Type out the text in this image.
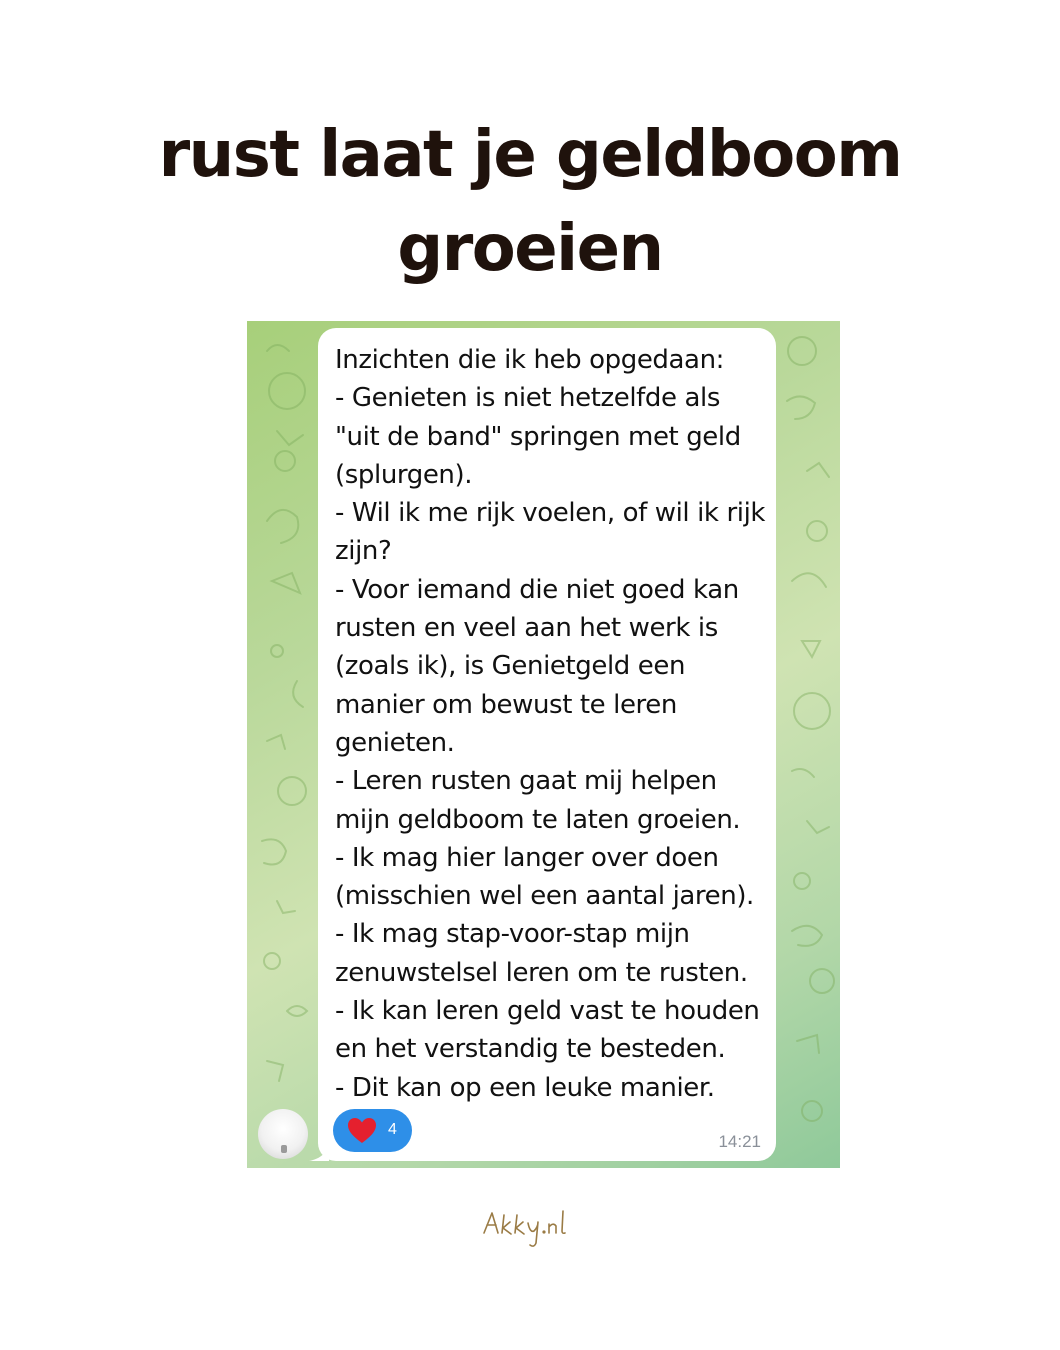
rust laat je geldboom
groeien
Inzichten die ik heb opgedaan:
- Genieten is niet hetzelfde als
"uit de band" springen met geld
(splurgen).
- Wil ik me rijk voelen, of wil ik rijk
zijn?
- Voor iemand die niet goed kan
rusten en veel aan het werk is
(zoals ik), is Genietgeld een
manier om bewust te leren
genieten.
- Leren rusten gaat mij helpen
mijn geldboom te laten groeien.
- Ik mag hier langer over doen
(misschien wel een aantal jaren).
- Ik mag stap-voor-stap mijn
zenuwstelsel leren om te rusten.
- Ik kan leren geld vast te houden
en het verstandig te besteden.
- Dit kan op een leuke manier.
4
14:21
